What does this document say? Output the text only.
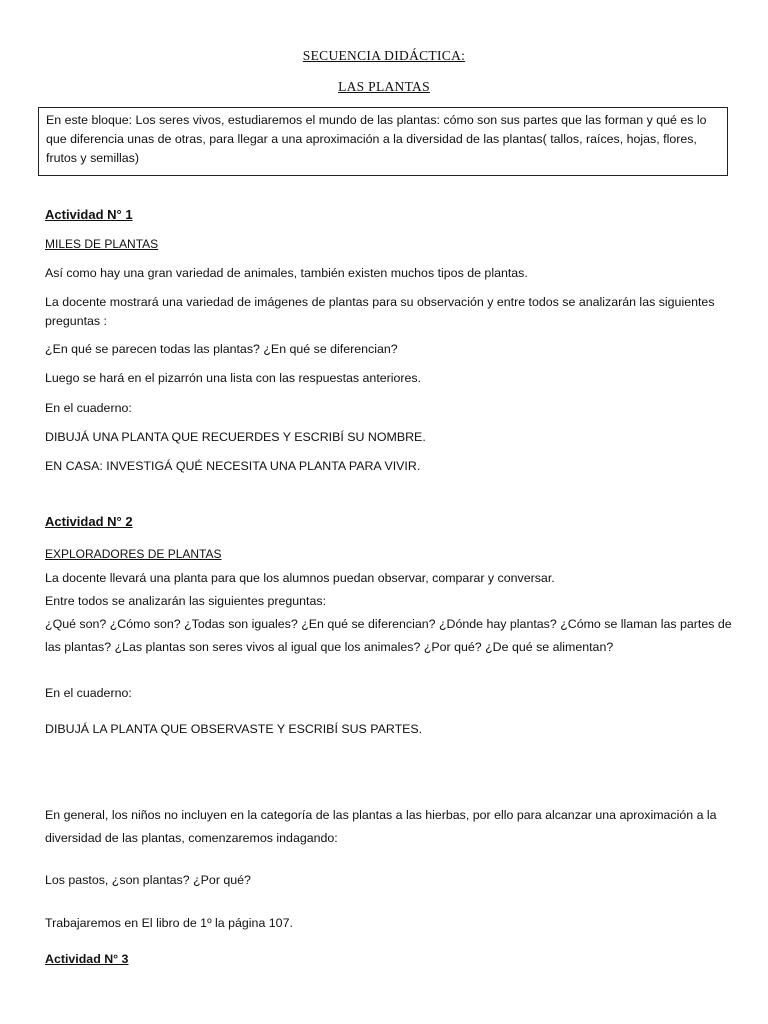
SECUENCIA DIDÁCTICA:
LAS PLANTAS
En este bloque: Los seres vivos, estudiaremos el mundo de las plantas: cómo son sus partes que las forman y qué es lo que diferencia unas de otras, para llegar a una aproximación a la diversidad de las plantas( tallos, raíces, hojas, flores, frutos y semillas)
Actividad N° 1
MILES DE PLANTAS
Así como hay una gran variedad de animales, también existen muchos tipos de plantas.
La docente mostrará una variedad de imágenes de plantas para su observación y entre todos se analizarán las siguientes
preguntas :
¿En qué se parecen todas las plantas? ¿En qué se diferencian?
Luego se hará en el pizarrón una lista con las respuestas anteriores.
En el cuaderno:
DIBUJÁ UNA PLANTA QUE RECUERDES Y ESCRIBÍ SU NOMBRE.
EN CASA: INVESTIGÁ QUÉ NECESITA UNA PLANTA PARA VIVIR.
Actividad N° 2
EXPLORADORES DE PLANTAS
La docente llevará una planta para que los alumnos puedan observar, comparar y conversar.
Entre todos se analizarán las siguientes preguntas:
¿Qué son? ¿Cómo son? ¿Todas son iguales? ¿En qué se diferencian? ¿Dónde hay plantas? ¿Cómo se llaman las partes de
las plantas? ¿Las plantas son seres vivos al igual que los animales? ¿Por qué? ¿De qué se alimentan?
En el cuaderno:
DIBUJÁ LA PLANTA QUE OBSERVASTE Y ESCRIBÍ SUS PARTES.
En general, los niños no incluyen en la categoría de las plantas a las hierbas, por ello para alcanzar una aproximación a la
diversidad de las plantas, comenzaremos indagando:
Los pastos, ¿son plantas? ¿Por qué?
Trabajaremos en El libro de 1º la página 107.
Actividad N° 3
